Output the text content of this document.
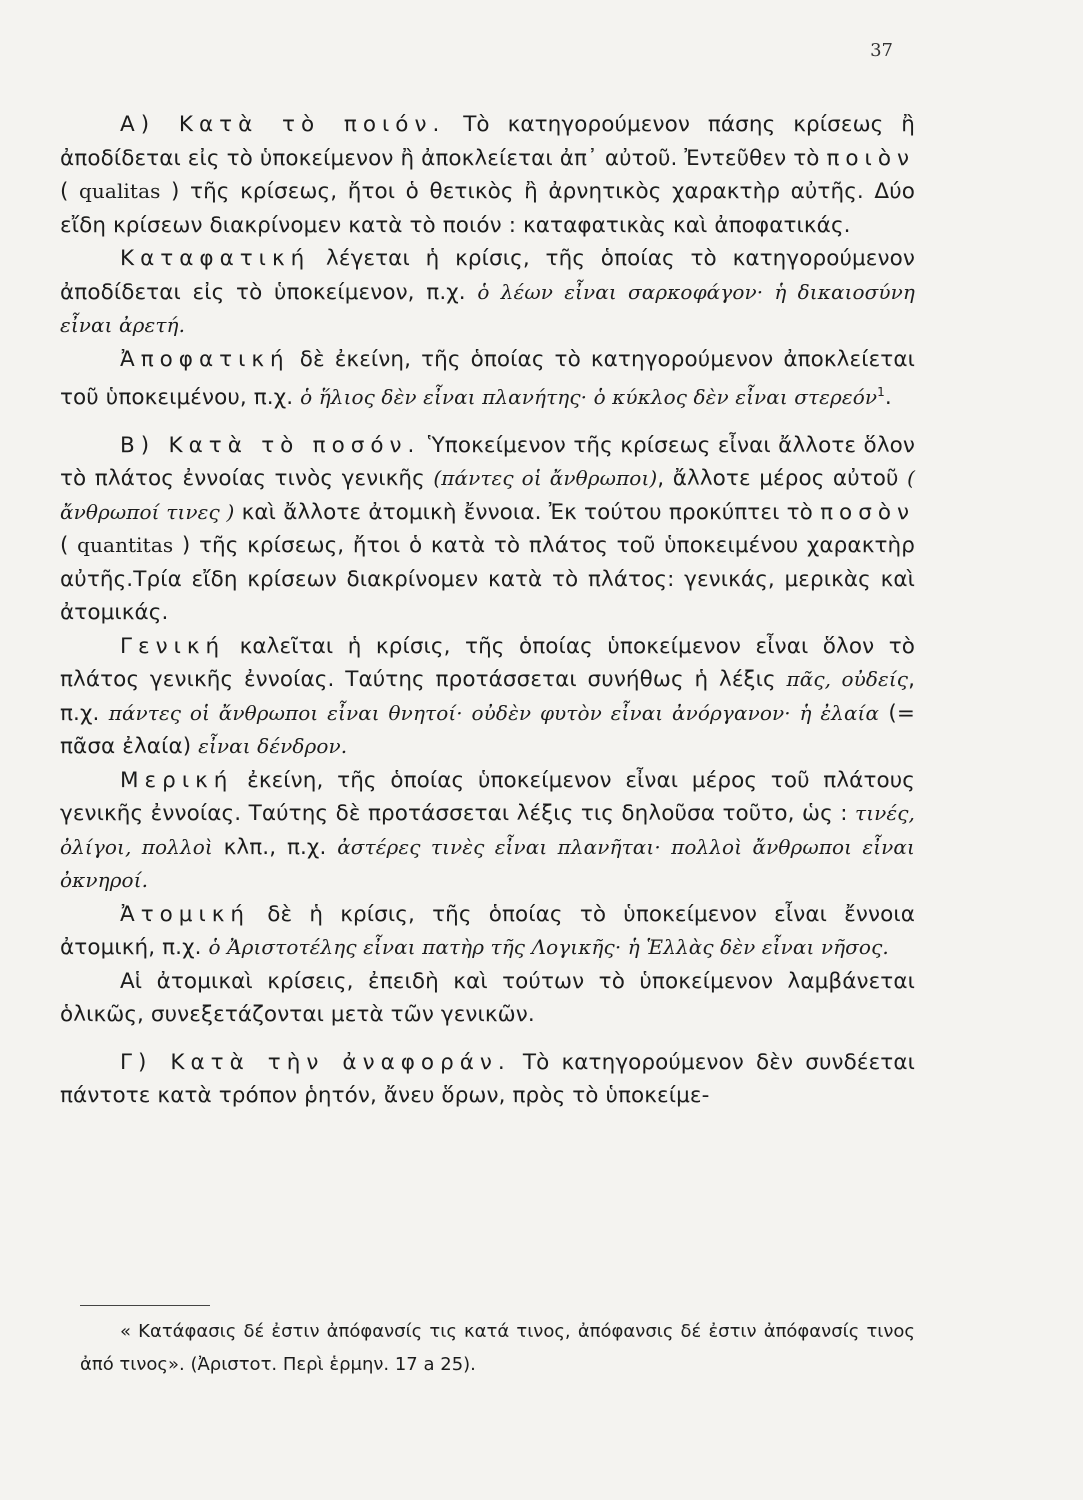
37

Α) Κατὰ τὸ ποιόν. Τὸ κατηγορούμενον πάσης κρίσεως ἢ ἀποδίδεται εἰς τὸ ὑποκείμενον ἢ ἀποκλείεται ἀπ᾽ αὐτοῦ. Ἐντεῦθεν τὸ ποιὸν ( qualitas ) τῆς κρίσεως, ἤτοι ὁ θετικὸς ἢ ἀρνητικὸς χαρακτὴρ αὐτῆς. Δύο εἴδη κρίσεων διακρίνομεν κατὰ τὸ ποιόν : καταφατικὰς καὶ ἀποφατικάς.

Καταφατική λέγεται ἡ κρίσις, τῆς ὁποίας τὸ κατηγορούμενον ἀποδίδεται εἰς τὸ ὑποκείμενον, π.χ. ὁ λέων εἶναι σαρκοφάγον· ἡ δικαιοσύνη εἶναι ἀρετή.

Ἀποφατική δὲ ἐκείνη, τῆς ὁποίας τὸ κατηγορούμενον ἀποκλείεται τοῦ ὑποκειμένου, π.χ. ὁ ἥλιος δὲν εἶναι πλανήτης· ὁ κύκλος δὲν εἶναι στερεόν$^1$.

Β) Κατὰ τὸ ποσόν. Ὑποκείμενον τῆς κρίσεως εἶναι ἄλλοτε ὅλον τὸ πλάτος ἐννοίας τινὸς γενικῆς (πάντες οἱ ἄνθρωποι), ἄλλοτε μέρος αὐτοῦ ( ἄνθρωποί τινες ) καὶ ἄλλοτε ἀτομικὴ ἔννοια. Ἐκ τούτου προκύπτει τὸ ποσὸν ( quantitas ) τῆς κρίσεως, ἤτοι ὁ κατὰ τὸ πλάτος τοῦ ὑποκειμένου χαρακτὴρ αὐτῆς.Τρία εἴδη κρίσεων διακρίνομεν κατὰ τὸ πλάτος: γενικάς, μερικὰς καὶ ἀτομικάς.

Γενική καλεῖται ἡ κρίσις, τῆς ὁποίας ὑποκείμενον εἶναι ὅλον τὸ πλάτος γενικῆς ἐννοίας. Ταύτης προτάσσεται συνήθως ἡ λέξις πᾶς, οὐδείς, π.χ. πάντες οἱ ἄνθρωποι εἶναι θνητοί· οὐδὲν φυτὸν εἶναι ἀνόργανον· ἡ ἐλαία (= πᾶσα ἐλαία) εἶναι δένδρον.

Μερική ἐκείνη, τῆς ὁποίας ὑποκείμενον εἶναι μέρος τοῦ πλάτους γενικῆς ἐννοίας. Ταύτης δὲ προτάσσεται λέξις τις δηλοῦσα τοῦτο, ὡς : τινές, ὀλίγοι, πολλοὶ κλπ., π.χ. ἀστέρες τινὲς εἶναι πλανῆται· πολλοὶ ἄνθρωποι εἶναι ὀκνηροί.

Ἀτομική δὲ ἡ κρίσις, τῆς ὁποίας τὸ ὑποκείμενον εἶναι ἔννοια ἀτομική, π.χ. ὁ Ἀριστοτέλης εἶναι πατὴρ τῆς Λογικῆς· ἡ Ἑλλὰς δὲν εἶναι νῆσος.

Αἱ ἀτομικαὶ κρίσεις, ἐπειδὴ καὶ τούτων τὸ ὑποκείμενον λαμβάνεται ὁλικῶς, συνεξετάζονται μετὰ τῶν γενικῶν.

Γ) Κατὰ τὴν ἀναφοράν. Τὸ κατηγορούμενον δὲν συνδέεται πάντοτε κατὰ τρόπον ῥητόν, ἄνευ ὅρων, πρὸς τὸ ὑποκείμε-

« Κατάφασις δέ ἐστιν ἀπόφανσίς τις κατά τινος, ἀπόφανσις δέ ἐστιν ἀπόφανσίς τινος ἀπό τινος». (Ἀριστοτ. Περὶ ἑρμην. 17 a 25).
